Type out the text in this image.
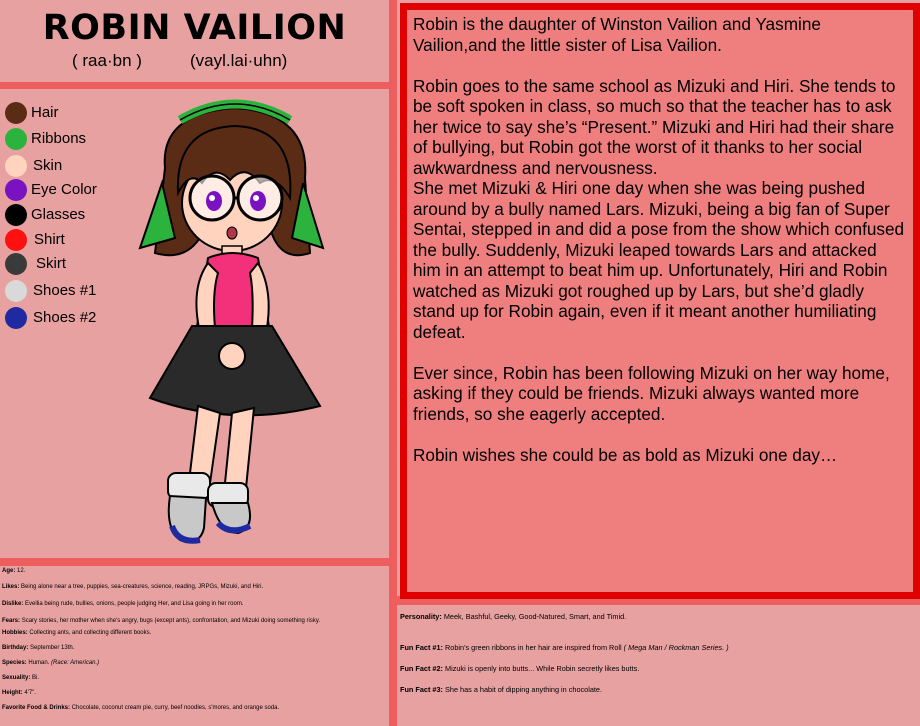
ROBIN VAILION
( raa·bn )	(vayl.lai·uhn)
Hair
Ribbons
Skin
Eye Color
Glasses
Shirt
Skirt
Shoes #1
Shoes #2

Robin is the daughter of Winston Vailion and Yasmine Vailion,and the little sister of Lisa Vailion.

Robin goes to the same school as Mizuki and Hiri. She tends to be soft spoken in class, so much so that the teacher has to ask her twice to say she’s “Present.” Mizuki and Hiri had their share of bullying, but Robin got the worst of it thanks to her social awkwardness and nervousness.

She met Mizuki & Hiri one day when she was being pushed around by a bully named Lars. Mizuki, being a big fan of Super Sentai, stepped in and did a pose from the show which confused the bully. Suddenly, Mizuki leaped towards Lars and attacked him in an attempt to beat him up. Unfortunately, Hiri and Robin watched as Mizuki got roughed up by Lars, but she’d gladly stand up for Robin again, even if it meant another humiliating defeat.

Ever since, Robin has been following Mizuki on her way home, asking if they could be friends. Mizuki always wanted more friends, so she eagerly accepted.

Robin wishes she could be as bold as Mizuki one day…

Age: 12.
Likes: Being alone near a tree, puppies, sea-creatures, science, reading, JRPGs, Mizuki, and Hiri.
Dislike: Evellia being rude, bullies, onions, people judging Her, and Lisa going in her room.
Fears: Scary stories, her mother when she's angry, bugs (except ants), confrontation, and Mizuki doing something risky.
Hobbies: Collecting ants, and collecting different books.
Birthday: September 13th.
Species: Human. (Race: American.)
Sexuality: Bi.
Height: 4'7".
Favorite Food & Drinks: Chocolate, coconut cream pie, curry, beef noodles, s'mores, and orange soda.
Personality: Meek, Bashful, Geeky, Good-Natured, Smart, and Timid.
Fun Fact #1: Robin's green ribbons in her hair are inspired from Roll ( Mega Man / Rockman Series. )
Fun Fact #2: Mizuki is openly into butts... While Robin secretly likes butts.
Fun Fact #3: She has a habit of dipping anything in chocolate.
